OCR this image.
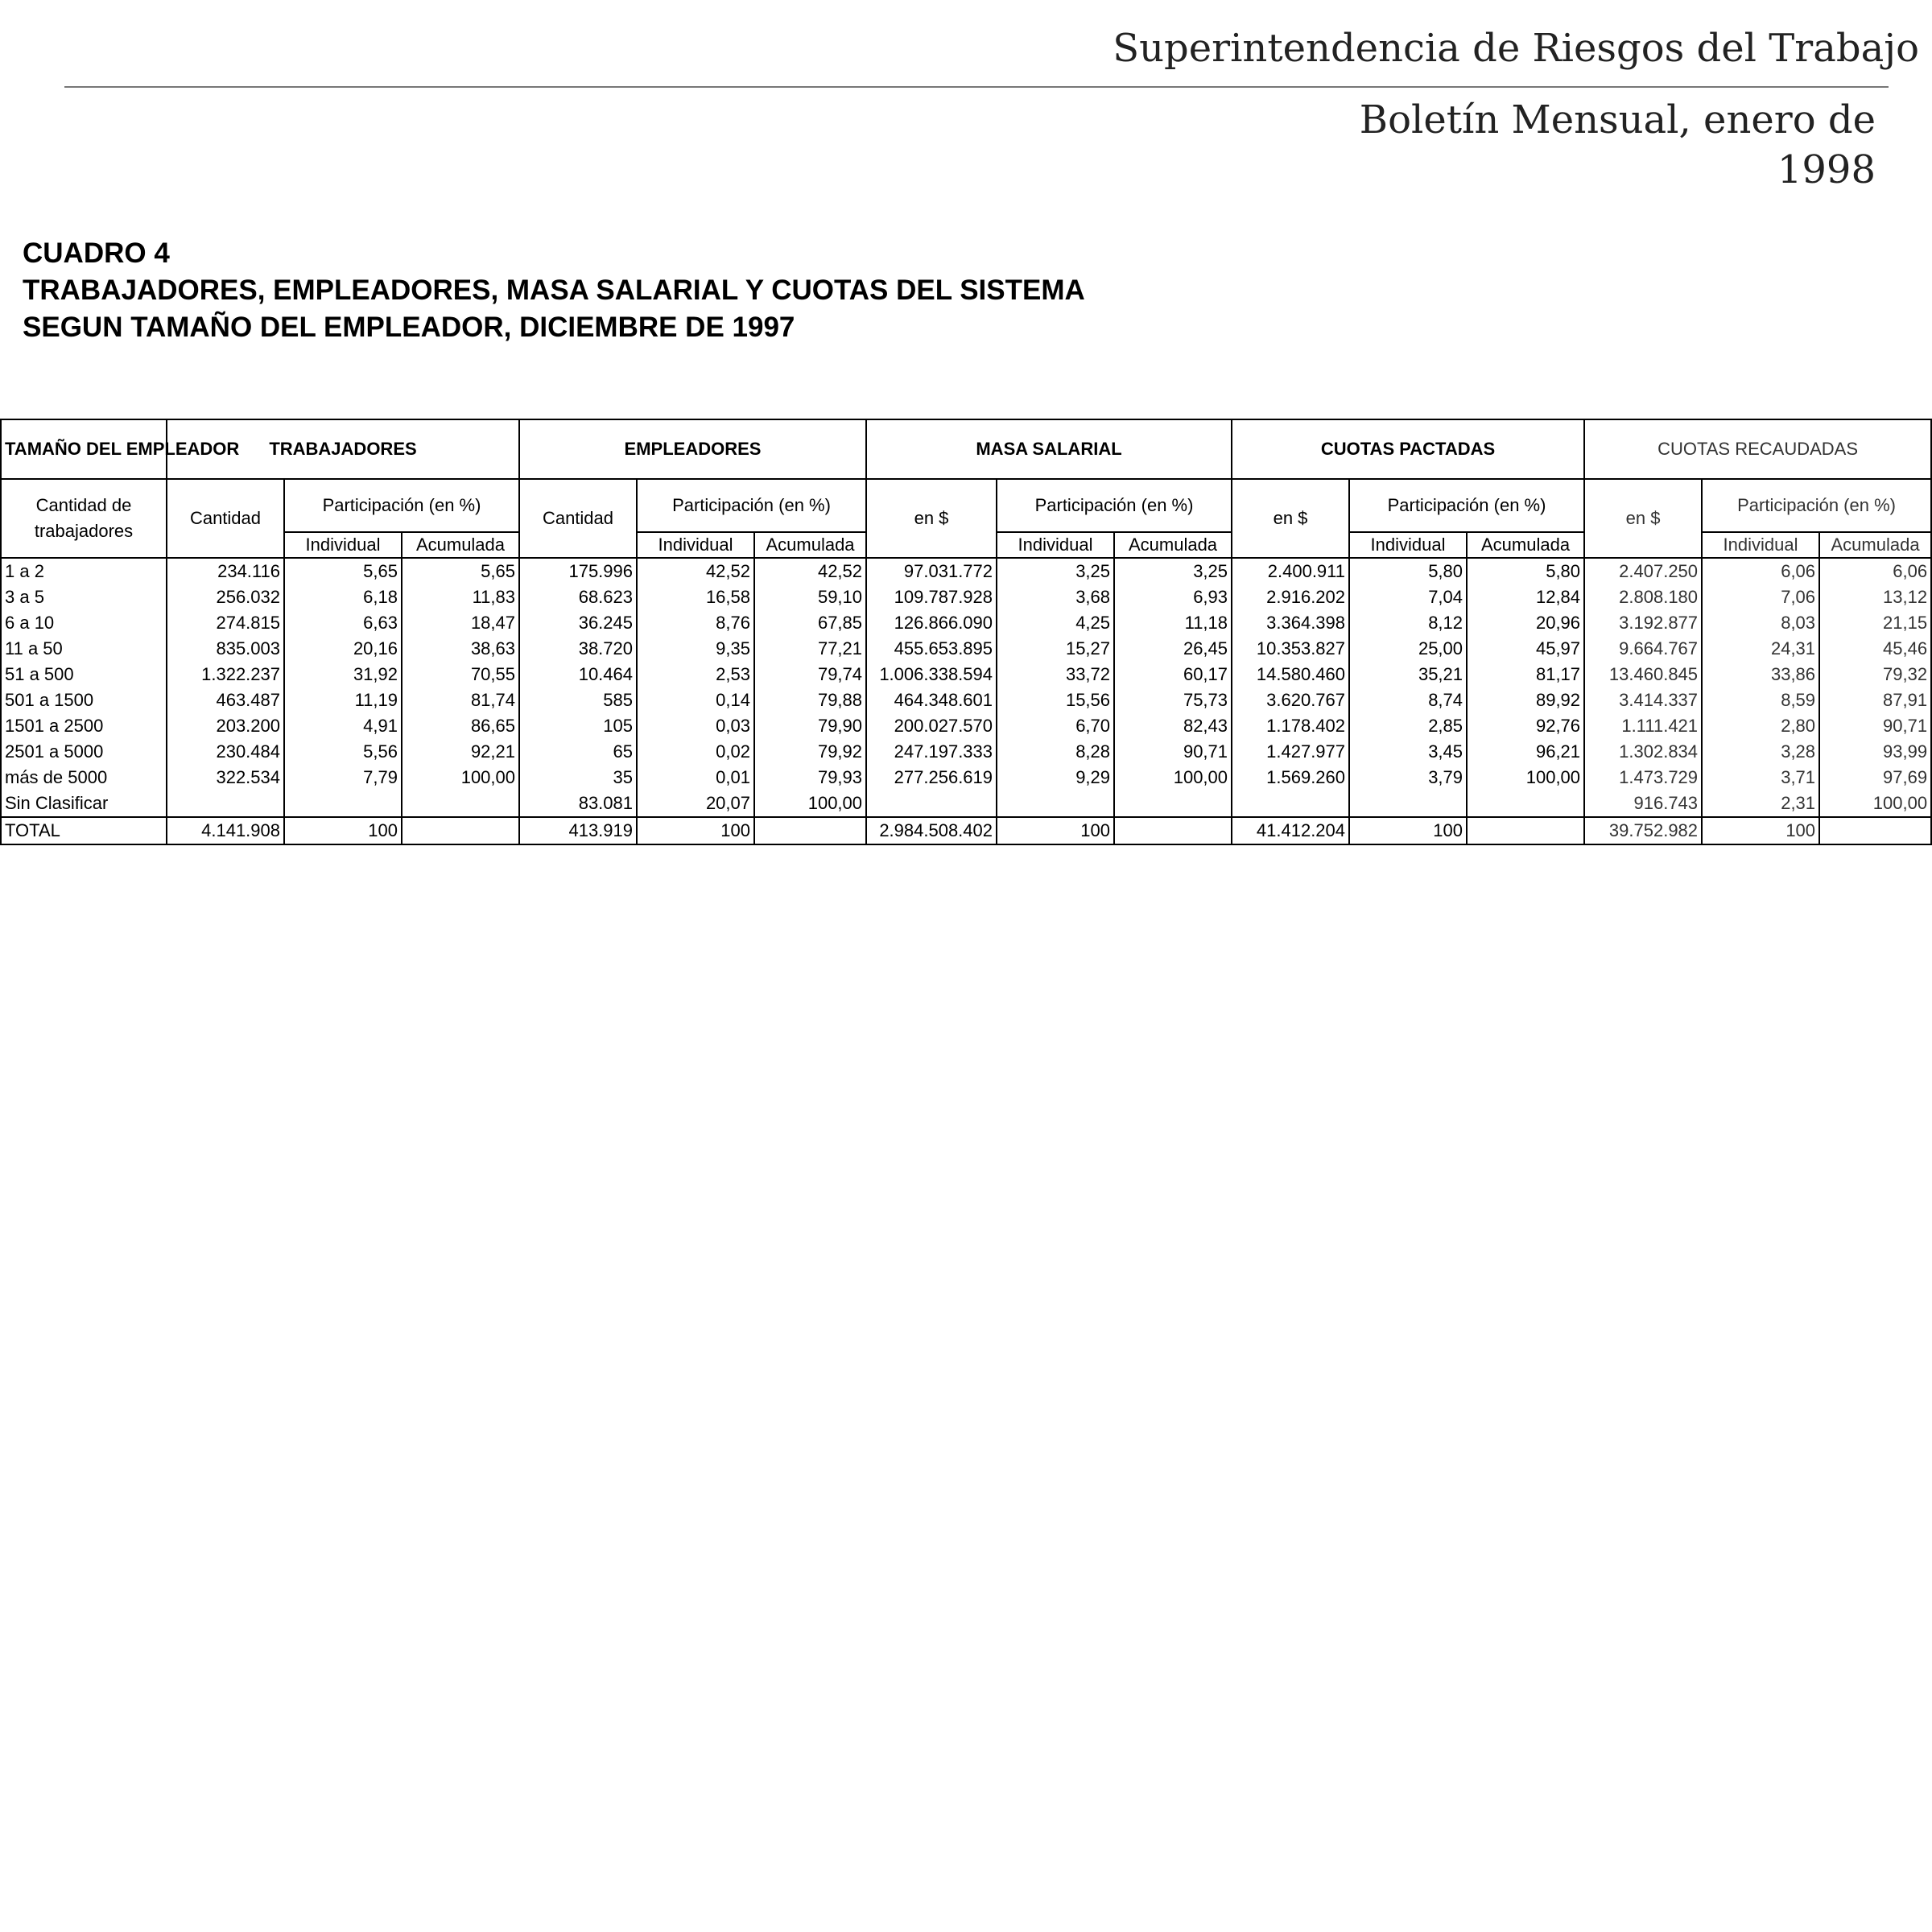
Superintendencia de Riesgos del Trabajo
Boletín Mensual, enero de
1998
CUADRO 4
TRABAJADORES, EMPLEADORES, MASA SALARIAL Y CUOTAS DEL SISTEMA
SEGUN TAMAÑO DEL EMPLEADOR, DICIEMBRE DE 1997
TAMAÑO DEL EMPLEADOR	TRABAJADORES			EMPLEADORES			MASA SALARIAL			CUOTAS PACTADAS			CUOTAS RECAUDADAS		
Cantidad de trabajadores	Cantidad	Participación (en %)		Cantidad	Participación (en %)		en $	Participación (en %)		en $	Participación (en %)		en $	Participación (en %)	
		Individual	Acumulada		Individual	Acumulada		Individual	Acumulada		Individual	Acumulada		Individual	Acumulada
1 a 2	234.116	5,65	5,65	175.996	42,52	42,52	97.031.772	3,25	3,25	2.400.911	5,80	5,80	2.407.250	6,06	6,06
3 a 5	256.032	6,18	11,83	68.623	16,58	59,10	109.787.928	3,68	6,93	2.916.202	7,04	12,84	2.808.180	7,06	13,12
6 a 10	274.815	6,63	18,47	36.245	8,76	67,85	126.866.090	4,25	11,18	3.364.398	8,12	20,96	3.192.877	8,03	21,15
11 a 50	835.003	20,16	38,63	38.720	9,35	77,21	455.653.895	15,27	26,45	10.353.827	25,00	45,97	9.664.767	24,31	45,46
51 a 500	1.322.237	31,92	70,55	10.464	2,53	79,74	1.006.338.594	33,72	60,17	14.580.460	35,21	81,17	13.460.845	33,86	79,32
501 a 1500	463.487	11,19	81,74	585	0,14	79,88	464.348.601	15,56	75,73	3.620.767	8,74	89,92	3.414.337	8,59	87,91
1501 a 2500	203.200	4,91	86,65	105	0,03	79,90	200.027.570	6,70	82,43	1.178.402	2,85	92,76	1.111.421	2,80	90,71
2501 a 5000	230.484	5,56	92,21	65	0,02	79,92	247.197.333	8,28	90,71	1.427.977	3,45	96,21	1.302.834	3,28	93,99
más de 5000	322.534	7,79	100,00	35	0,01	79,93	277.256.619	9,29	100,00	1.569.260	3,79	100,00	1.473.729	3,71	97,69
Sin Clasificar				83.081	20,07	100,00							916.743	2,31	100,00
TOTAL	4.141.908	100		413.919	100		2.984.508.402	100		41.412.204	100		39.752.982	100	
